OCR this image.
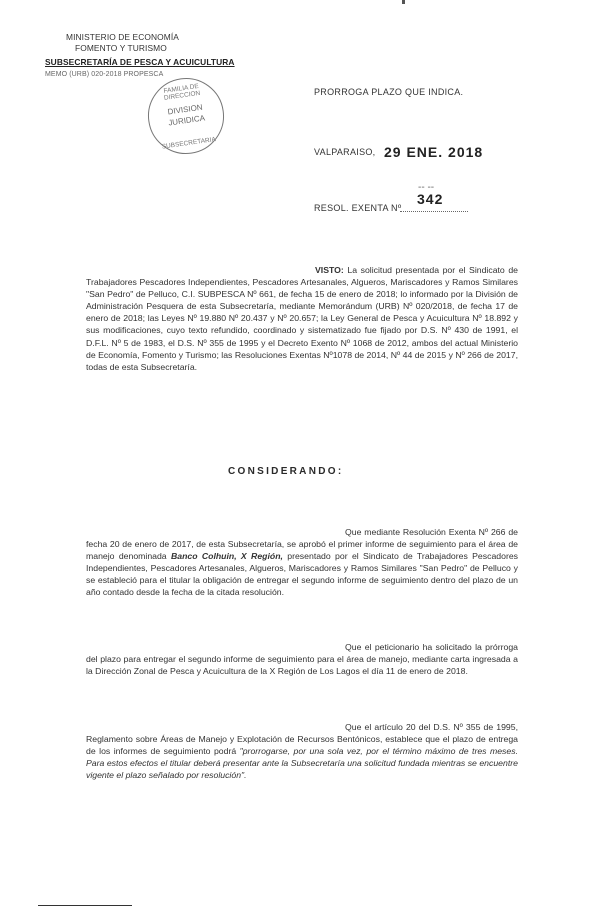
MINISTERIO DE ECONOMÍA
FOMENTO Y TURISMO
SUBSECRETARÍA DE PESCA Y ACUICULTURA
MEMO (URB) 020-2018 PROPESCA
FAMILIA DE DIRECCION
DIVISION
JURIDICA
SUBSECRETARIA
PRORROGA PLAZO QUE INDICA.
VALPARAISO, 29 ENE. 2018
-- --
RESOL. EXENTA Nº
342

VISTO: La solicitud presentada por el Sindicato de Trabajadores Pescadores Independientes, Pescadores Artesanales, Algueros, Mariscadores y Ramos Similares "San Pedro" de Pelluco, C.I. SUBPESCA Nº 661, de fecha 15 de enero de 2018; lo informado por la División de Administración Pesquera de esta Subsecretaría, mediante Memorándum (URB) Nº 020/2018, de fecha 17 de enero de 2018; las Leyes Nº 19.880 Nº 20.437 y Nº 20.657; la Ley General de Pesca y Acuicultura Nº 18.892 y sus modificaciones, cuyo texto refundido, coordinado y sistematizado fue fijado por D.S. Nº 430 de 1991, el D.F.L. Nº 5 de 1983, el D.S. Nº 355 de 1995 y el Decreto Exento Nº 1068 de 2012, ambos del actual Ministerio de Economía, Fomento y Turismo; las Resoluciones Exentas Nº1078 de 2014, Nº 44 de 2015 y Nº 266 de 2017, todas de esta Subsecretaría.

CONSIDERANDO:

Que mediante Resolución Exenta Nº 266 de fecha 20 de enero de 2017, de esta Subsecretaría, se aprobó el primer informe de seguimiento para el área de manejo denominada Banco Colhuin, X Región, presentado por el Sindicato de Trabajadores Pescadores Independientes, Pescadores Artesanales, Algueros, Mariscadores y Ramos Similares "San Pedro" de Pelluco y se estableció para el titular la obligación de entregar el segundo informe de seguimiento dentro del plazo de un año contado desde la fecha de la citada resolución.

Que el peticionario ha solicitado la prórroga del plazo para entregar el segundo informe de seguimiento para el área de manejo, mediante carta ingresada a la Dirección Zonal de Pesca y Acuicultura de la X Región de Los Lagos el día 11 de enero de 2018.

Que el artículo 20 del D.S. Nº 355 de 1995, Reglamento sobre Áreas de Manejo y Explotación de Recursos Bentónicos, establece que el plazo de entrega de los informes de seguimiento podrá "prorrogarse, por una sola vez, por el término máximo de tres meses. Para estos efectos el titular deberá presentar ante la Subsecretaría una solicitud fundada mientras se encuentre vigente el plazo señalado por resolución".
